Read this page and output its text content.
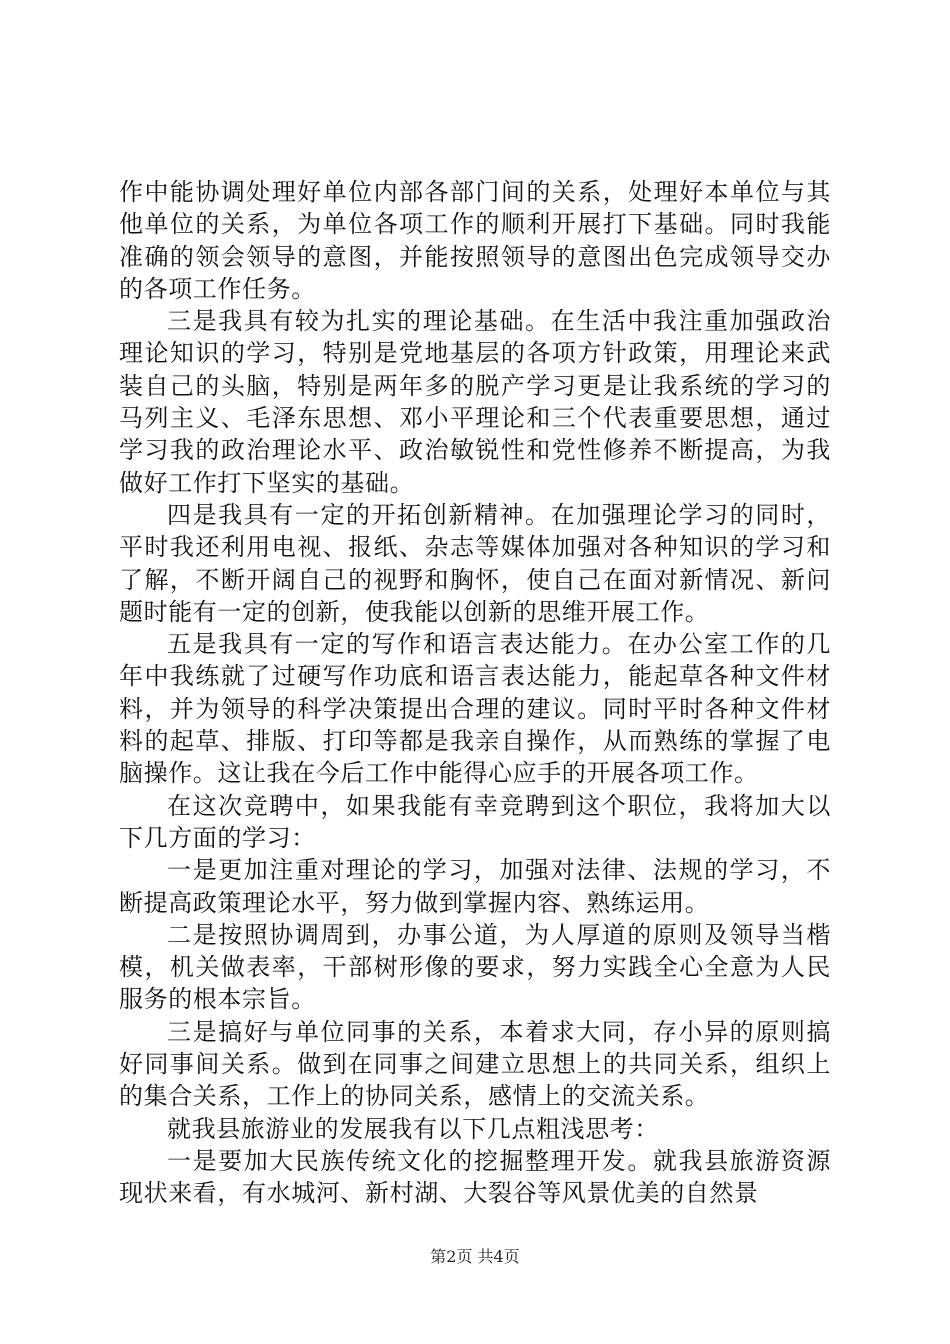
作中能协调处理好单位内部各部门间的关系，处理好本单位与其他单位的关系，为单位各项工作的顺利开展打下基础。同时我能准确的领会领导的意图，并能按照领导的意图出色完成领导交办的各项工作任务。

三是我具有较为扎实的理论基础。在生活中我注重加强政治理论知识的学习，特别是党地基层的各项方针政策，用理论来武装自己的头脑，特别是两年多的脱产学习更是让我系统的学习的马列主义、毛泽东思想、邓小平理论和三个代表重要思想，通过学习我的政治理论水平、政治敏锐性和党性修养不断提高，为我做好工作打下坚实的基础。

四是我具有一定的开拓创新精神。在加强理论学习的同时，平时我还利用电视、报纸、杂志等媒体加强对各种知识的学习和了解，不断开阔自己的视野和胸怀，使自己在面对新情况、新问题时能有一定的创新，使我能以创新的思维开展工作。

五是我具有一定的写作和语言表达能力。在办公室工作的几年中我练就了过硬写作功底和语言表达能力，能起草各种文件材料，并为领导的科学决策提出合理的建议。同时平时各种文件材料的起草、排版、打印等都是我亲自操作，从而熟练的掌握了电脑操作。这让我在今后工作中能得心应手的开展各项工作。

在这次竞聘中，如果我能有幸竞聘到这个职位，我将加大以下几方面的学习：

一是更加注重对理论的学习，加强对法律、法规的学习，不断提高政策理论水平，努力做到掌握内容、熟练运用。

二是按照协调周到，办事公道，为人厚道的原则及领导当楷模，机关做表率，干部树形像的要求，努力实践全心全意为人民服务的根本宗旨。

三是搞好与单位同事的关系，本着求大同，存小异的原则搞好同事间关系。做到在同事之间建立思想上的共同关系，组织上的集合关系，工作上的协同关系，感情上的交流关系。

就我县旅游业的发展我有以下几点粗浅思考：

一是要加大民族传统文化的挖掘整理开发。就我县旅游资源现状来看，有水城河、新村湖、大裂谷等风景优美的自然景

第2页 共4页
